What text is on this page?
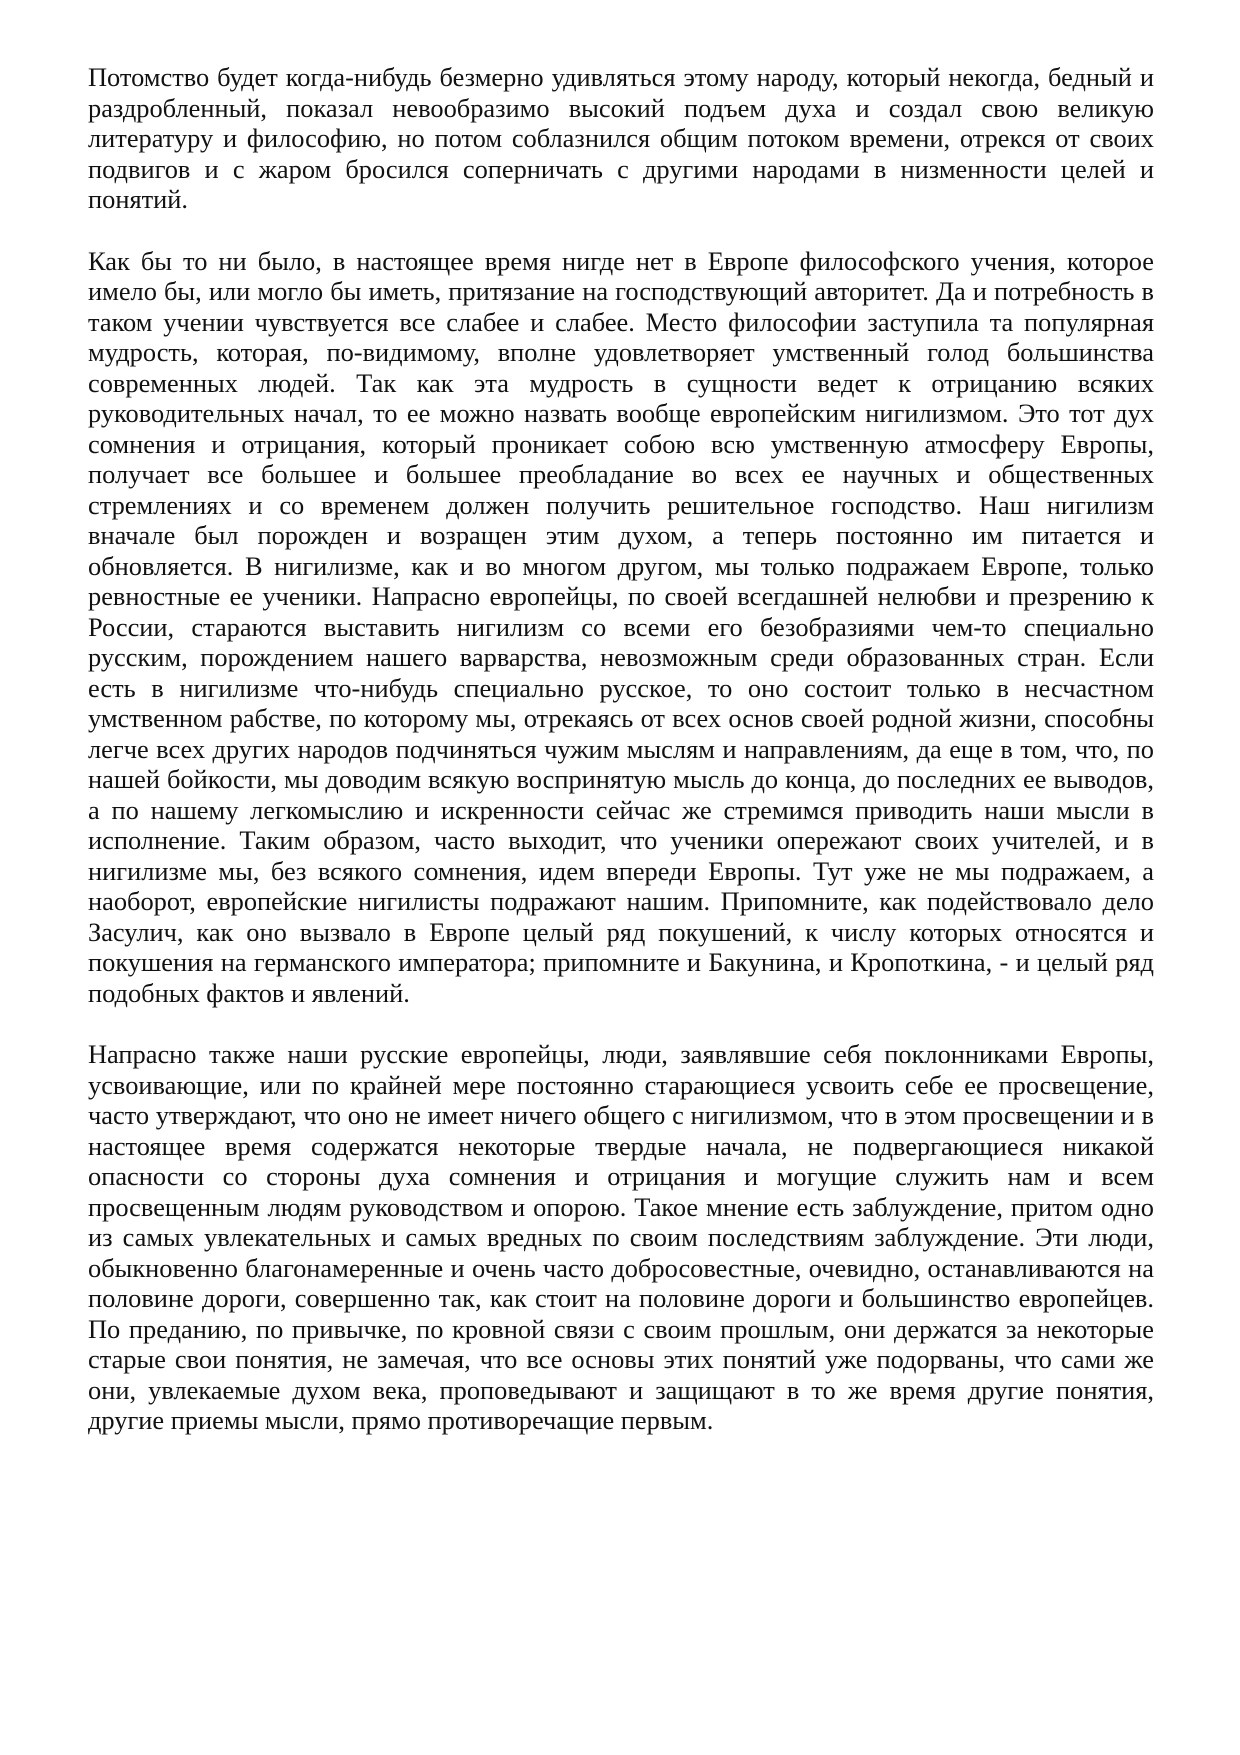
Потомство будет когда-нибудь безмерно удивляться этому народу, который некогда, бедный и раздробленный, показал невообразимо высокий подъем духа и создал свою великую литературу и философию, но потом соблазнился общим потоком времени, отрекся от своих подвигов и с жаром бросился соперничать с другими народами в низменности целей и понятий.

Как бы то ни было, в настоящее время нигде нет в Европе философского учения, которое имело бы, или могло бы иметь, притязание на господствующий авторитет. Да и потребность в таком учении чувствуется все слабее и слабее. Место философии заступила та популярная мудрость, которая, по-видимому, вполне удовлетворяет умственный голод большинства современных людей. Так как эта мудрость в сущности ведет к отрицанию всяких руководительных начал, то ее можно назвать вообще европейским нигилизмом. Это тот дух сомнения и отрицания, который проникает собою всю умственную атмосферу Европы, получает все большее и большее преобладание во всех ее научных и общественных стремлениях и со временем должен получить решительное господство. Наш нигилизм вначале был порожден и возращен этим духом, а теперь постоянно им питается и обновляется. В нигилизме, как и во многом другом, мы только подражаем Европе, только ревностные ее ученики. Напрасно европейцы, по своей всегдашней нелюбви и презрению к России, стараются выставить нигилизм со всеми его безобразиями чем-то специально русским, порождением нашего варварства, невозможным среди образованных стран. Если есть в нигилизме что-нибудь специально русское, то оно состоит только в несчастном умственном рабстве, по которому мы, отрекаясь от всех основ своей родной жизни, способны легче всех других народов подчиняться чужим мыслям и направлениям, да еще в том, что, по нашей бойкости, мы доводим всякую воспринятую мысль до конца, до последних ее выводов, а по нашему легкомыслию и искренности сейчас же стремимся приводить наши мысли в исполнение. Таким образом, часто выходит, что ученики опережают своих учителей, и в нигилизме мы, без всякого сомнения, идем впереди Европы. Тут уже не мы подражаем, а наоборот, европейские нигилисты подражают нашим. Припомните, как подействовало дело Засулич, как оно вызвало в Европе целый ряд покушений, к числу которых относятся и покушения на германского императора; припомните и Бакунина, и Кропоткина, - и целый ряд подобных фактов и явлений.

Напрасно также наши русские европейцы, люди, заявлявшие себя поклонниками Европы, усвоивающие, или по крайней мере постоянно старающиеся усвоить себе ее просвещение, часто утверждают, что оно не имеет ничего общего с нигилизмом, что в этом просвещении и в настоящее время содержатся некоторые твердые начала, не подвергающиеся никакой опасности со стороны духа сомнения и отрицания и могущие служить нам и всем просвещенным людям руководством и опорою. Такое мнение есть заблуждение, притом одно из самых увлекательных и самых вредных по своим последствиям заблуждение. Эти люди, обыкновенно благонамеренные и очень часто добросовестные, очевидно, останавливаются на половине дороги, совершенно так, как стоит на половине дороги и большинство европейцев. По преданию, по привычке, по кровной связи с своим прошлым, они держатся за некоторые старые свои понятия, не замечая, что все основы этих понятий уже подорваны, что сами же они, увлекаемые духом века, проповедывают и защищают в то же время другие понятия, другие приемы мысли, прямо противоречащие первым.
